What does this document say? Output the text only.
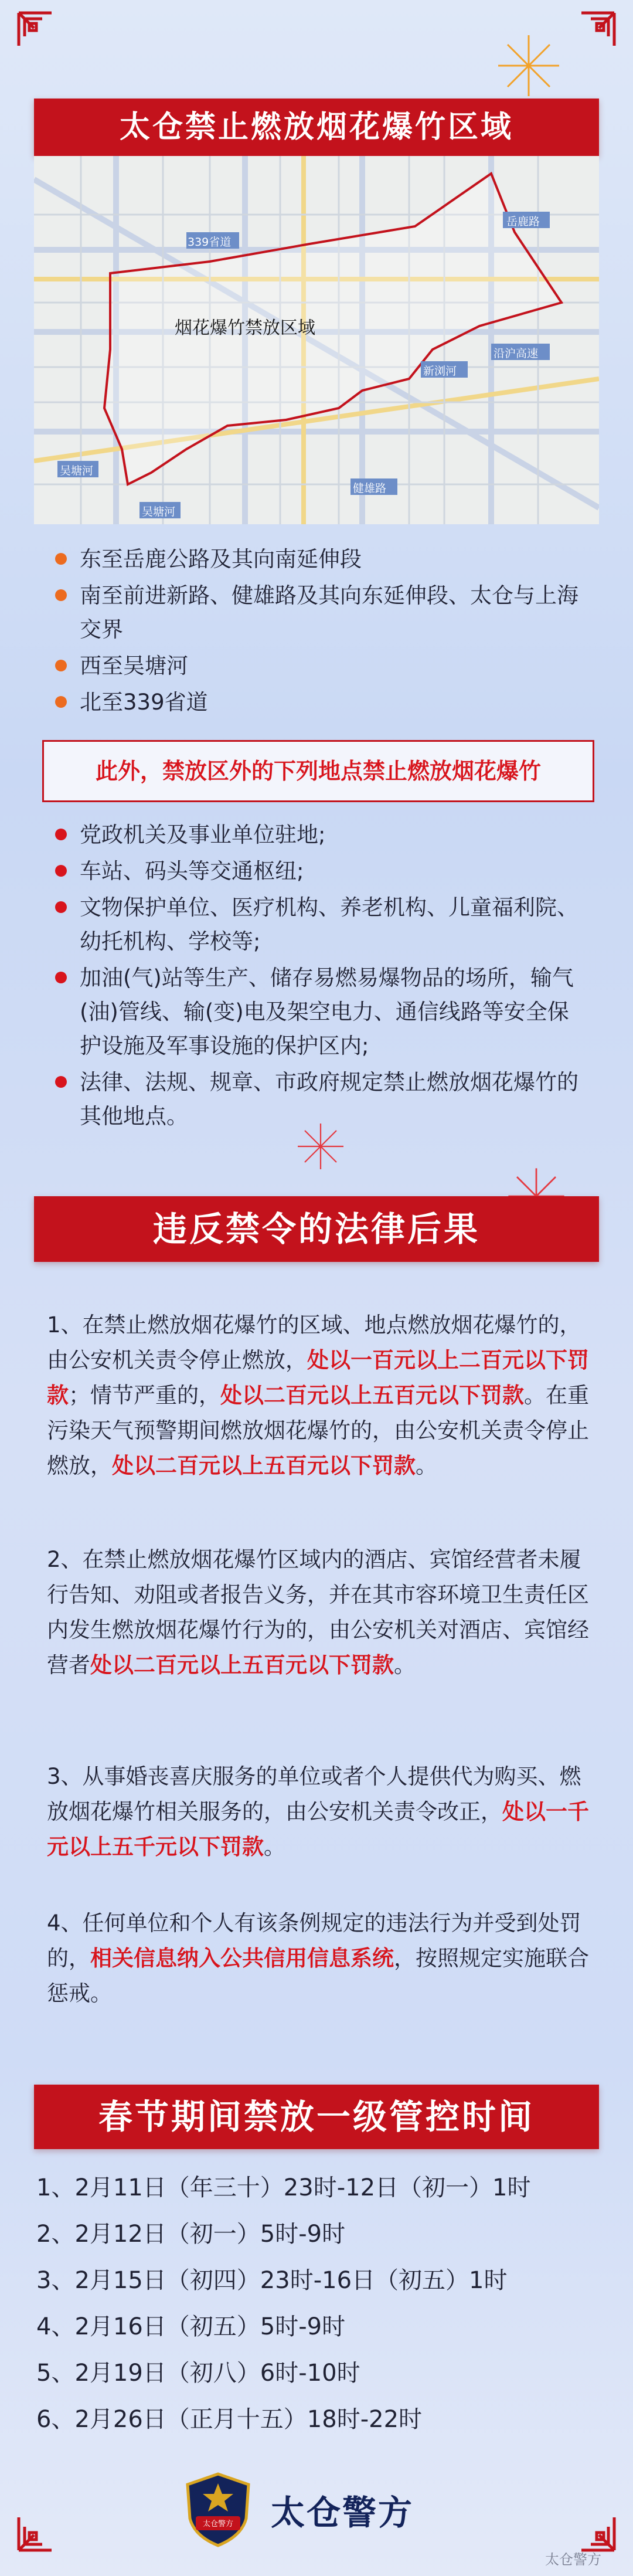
太仓禁止燃放烟花爆竹区域
烟花爆竹禁放区域
339省道
吴塘河
吴塘河
新浏河
健雄路
沿沪高速
岳鹿路
东至岳鹿公路及其向南延伸段
南至前进新路、健雄路及其向东延伸段、太仓与上海交界
西至吴塘河
北至339省道
此外，禁放区外的下列地点禁止燃放烟花爆竹
党政机关及事业单位驻地;
车站、码头等交通枢纽;
文物保护单位、医疗机构、养老机构、儿童福利院、幼托机构、学校等;
加油(气)站等生产、储存易燃易爆物品的场所，输气(油)管线、输(变)电及架空电力、通信线路等安全保护设施及军事设施的保护区内;
法律、法规、规章、市政府规定禁止燃放烟花爆竹的其他地点。
违反禁令的法律后果

1、在禁止燃放烟花爆竹的区域、地点燃放烟花爆竹的，由公安机关责令停止燃放，处以一百元以上二百元以下罚款；情节严重的，处以二百元以上五百元以下罚款。在重污染天气预警期间燃放烟花爆竹的，由公安机关责令停止燃放，处以二百元以上五百元以下罚款。

2、在禁止燃放烟花爆竹区域内的酒店、宾馆经营者未履行告知、劝阻或者报告义务，并在其市容环境卫生责任区内发生燃放烟花爆竹行为的，由公安机关对酒店、宾馆经营者处以二百元以上五百元以下罚款。

3、从事婚丧喜庆服务的单位或者个人提供代为购买、燃放烟花爆竹相关服务的，由公安机关责令改正，处以一千元以上五千元以下罚款。

4、任何单位和个人有该条例规定的违法行为并受到处罚的，相关信息纳入公共信用信息系统，按照规定实施联合惩戒。

春节期间禁放一级管控时间
1、2月11日（年三十）23时-12日（初一）1时
2、2月12日（初一）5时-9时
3、2月15日（初四）23时-16日（初五）1时
4、2月16日（初五）5时-9时
5、2月19日（初八）6时-10时
6、2月26日（正月十五）18时-22时
太仓警方 太仓警方
太仓警方
